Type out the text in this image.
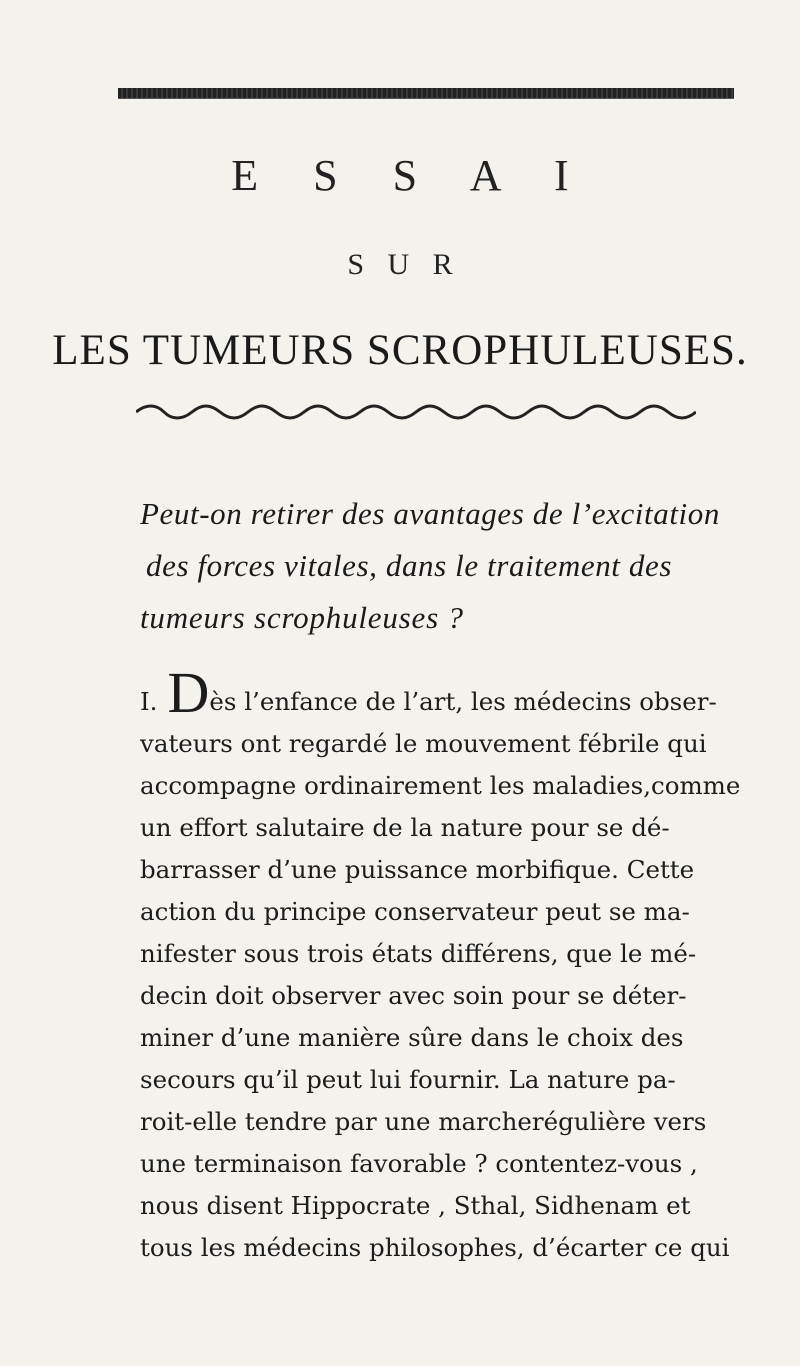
E S S A I
S U R
LES TUMEURS SCROPHULEUSES.
Peut-on retirer des avantages de l’excitation
des forces vitales, dans le traitement des
tumeurs scrophuleuses ?
I. Dès l’enfance de l’art, les médecins obser-
vateurs ont regardé le mouvement fébrile qui
accompagne ordinairement les maladies,comme
un effort salutaire de la nature pour se dé-
barrasser d’une puissance morbifique. Cette
action du principe conservateur peut se ma-
nifester sous trois états différens, que le mé-
decin doit observer avec soin pour se déter-
miner d’une manière sûre dans le choix des
secours qu’il peut lui fournir. La nature pa-
roit-elle tendre par une marcherégulière vers
une terminaison favorable ? contentez-vous ,
nous disent Hippocrate , Sthal, Sidhenam et
tous les médecins philosophes, d’écarter ce qui
